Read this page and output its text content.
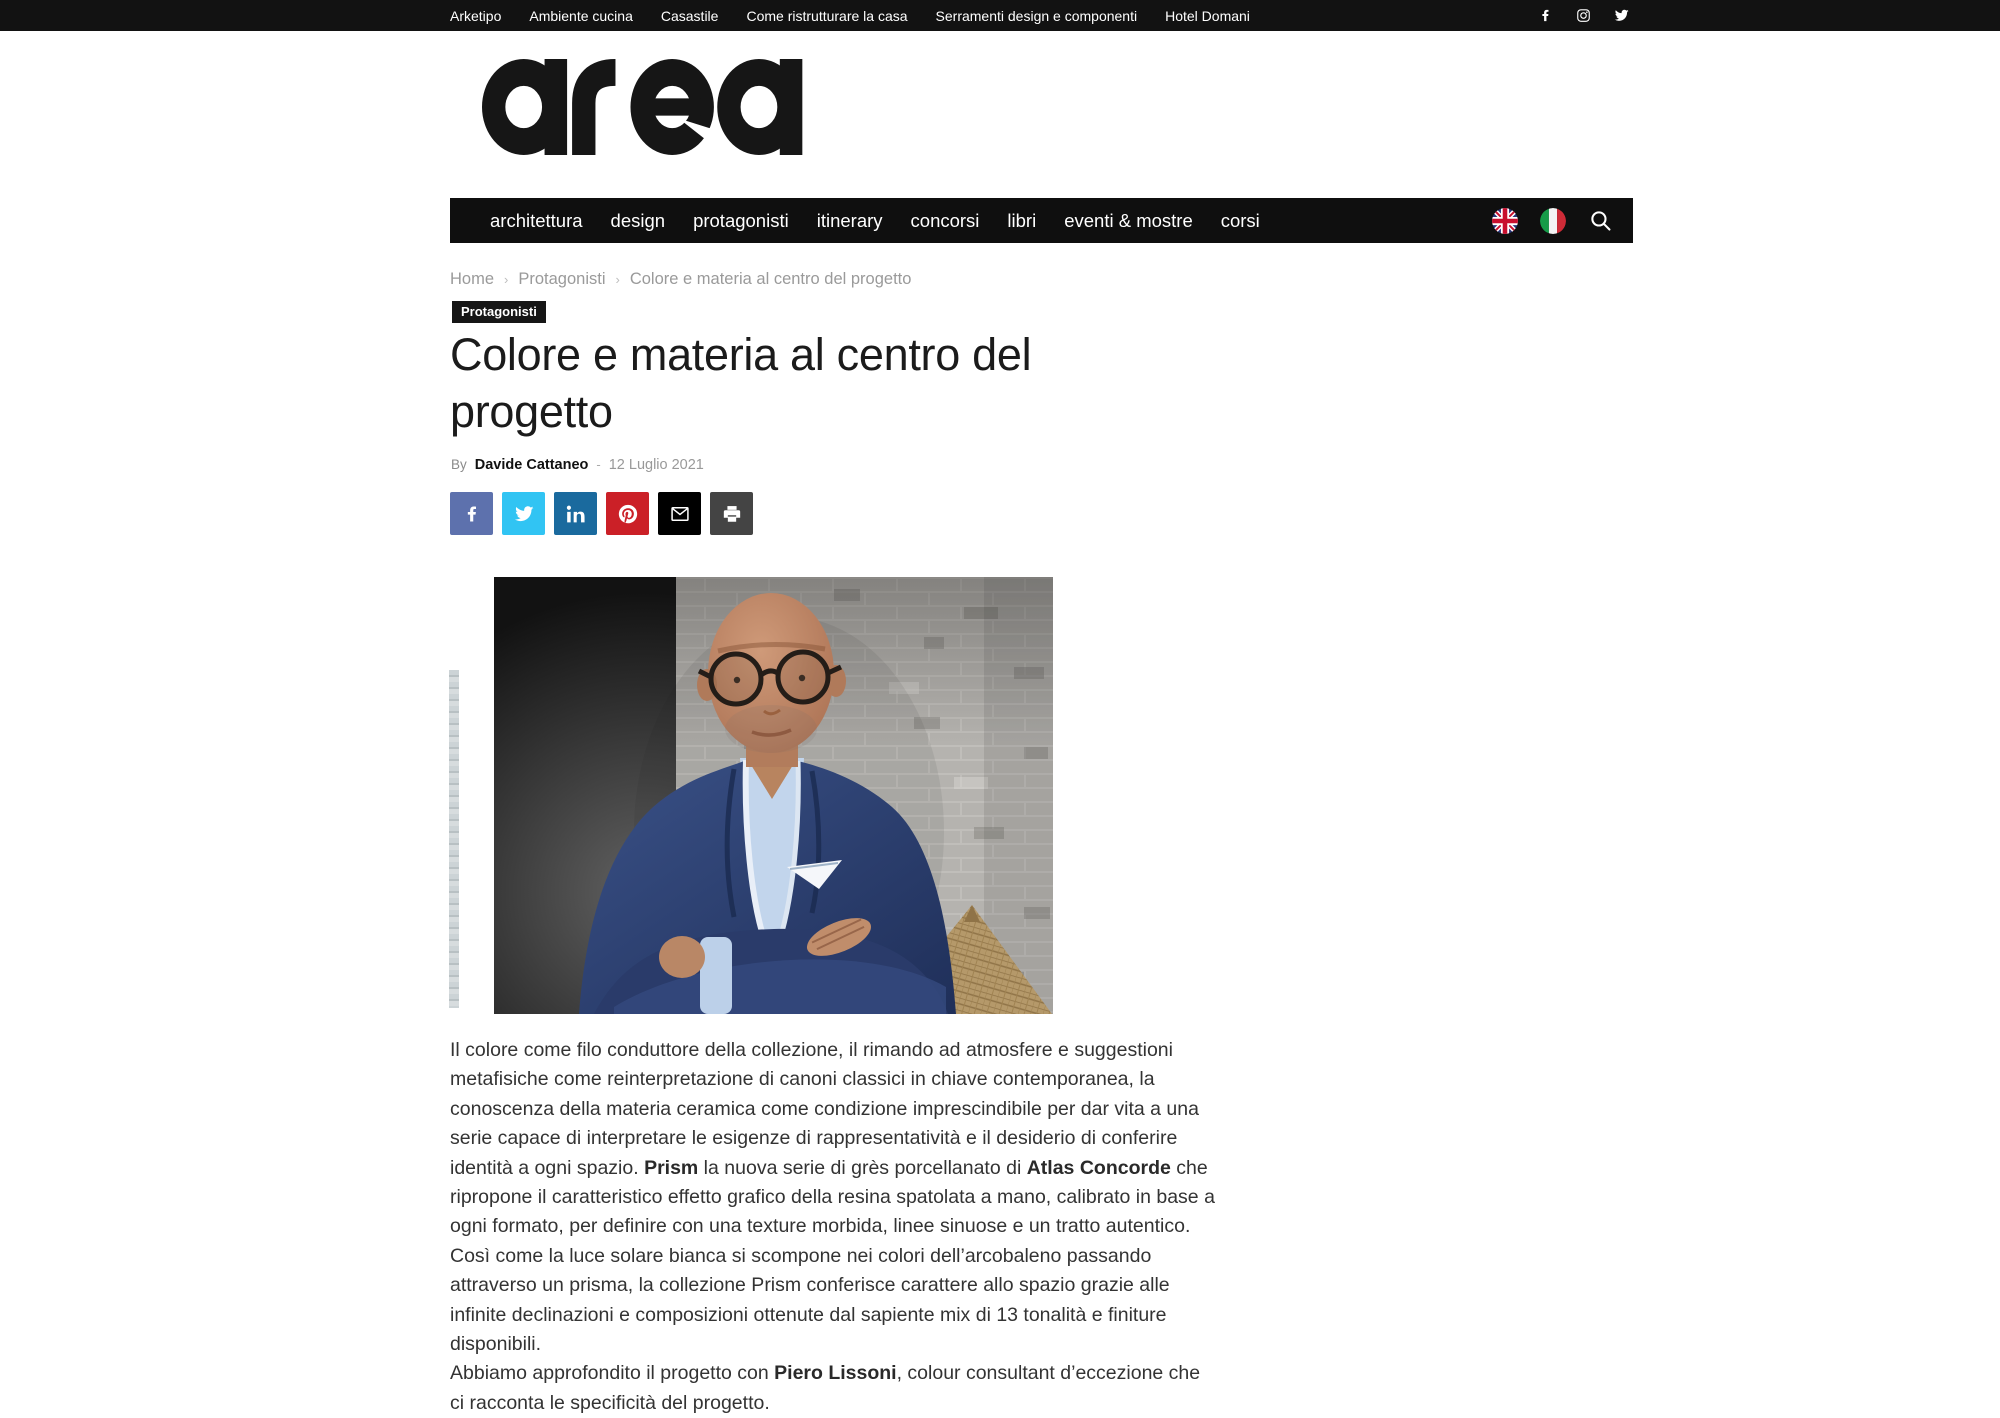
Arketipo Ambiente cucina Casastile Come ristrutturare la casa Serramenti design e componenti Hotel Domani
architettura	design	protagonisti	itinerary	concorsi	libri	eventi & mostre	corsi
Home › Protagonisti › Colore e materia al centro del progetto
Protagonisti
Colore e materia al centro del progetto
By Davide Cattaneo - 12 Luglio 2021

Il colore come filo conduttore della collezione, il rimando ad atmosfere e suggestioni metafisiche come reinterpretazione di canoni classici in chiave contemporanea, la conoscenza della materia ceramica come condizione imprescindibile per dar vita a una serie capace di interpretare le esigenze di rappresentatività e il desiderio di conferire identità a ogni spazio. Prism la nuova serie di grès porcellanato di Atlas Concorde che ripropone il caratteristico effetto grafico della resina spatolata a mano, calibrato in base a ogni formato, per definire con una texture morbida, linee sinuose e un tratto autentico. Così come la luce solare bianca si scompone nei colori dell’arcobaleno passando attraverso un prisma, la collezione Prism conferisce carattere allo spazio grazie alle infinite declinazioni e composizioni ottenute dal sapiente mix di 13 tonalità e finiture disponibili.

Abbiamo approfondito il progetto con Piero Lissoni, colour consultant d’eccezione che ci racconta le specificità del progetto.
